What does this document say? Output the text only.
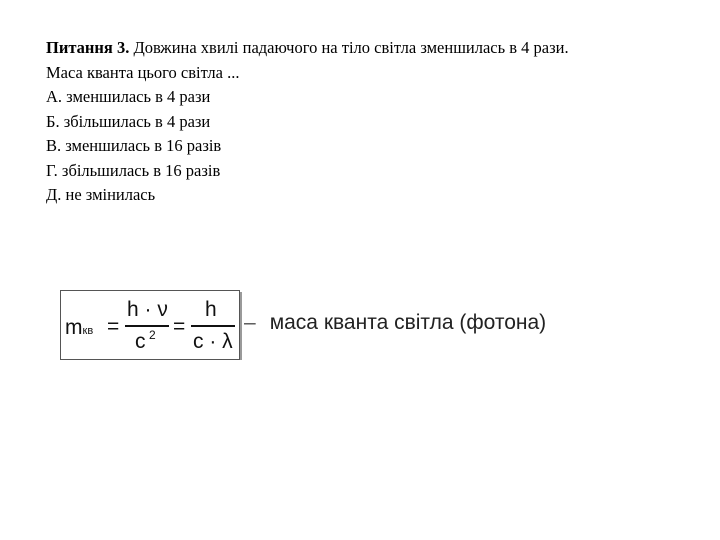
Питання 3. Довжина хвилі падаючого на тіло світла зменшилась в 4 рази.
Маса кванта цього світла ...
А. зменшилась в 4 рази
Б. збільшилась в 4 рази
В. зменшилась в 16 разів
Г. збільшилась в 16 разів
Д. не змінилась
mкв =
h · ν
c 2 =
h
c · λ
– маса кванта світла (фотона)
